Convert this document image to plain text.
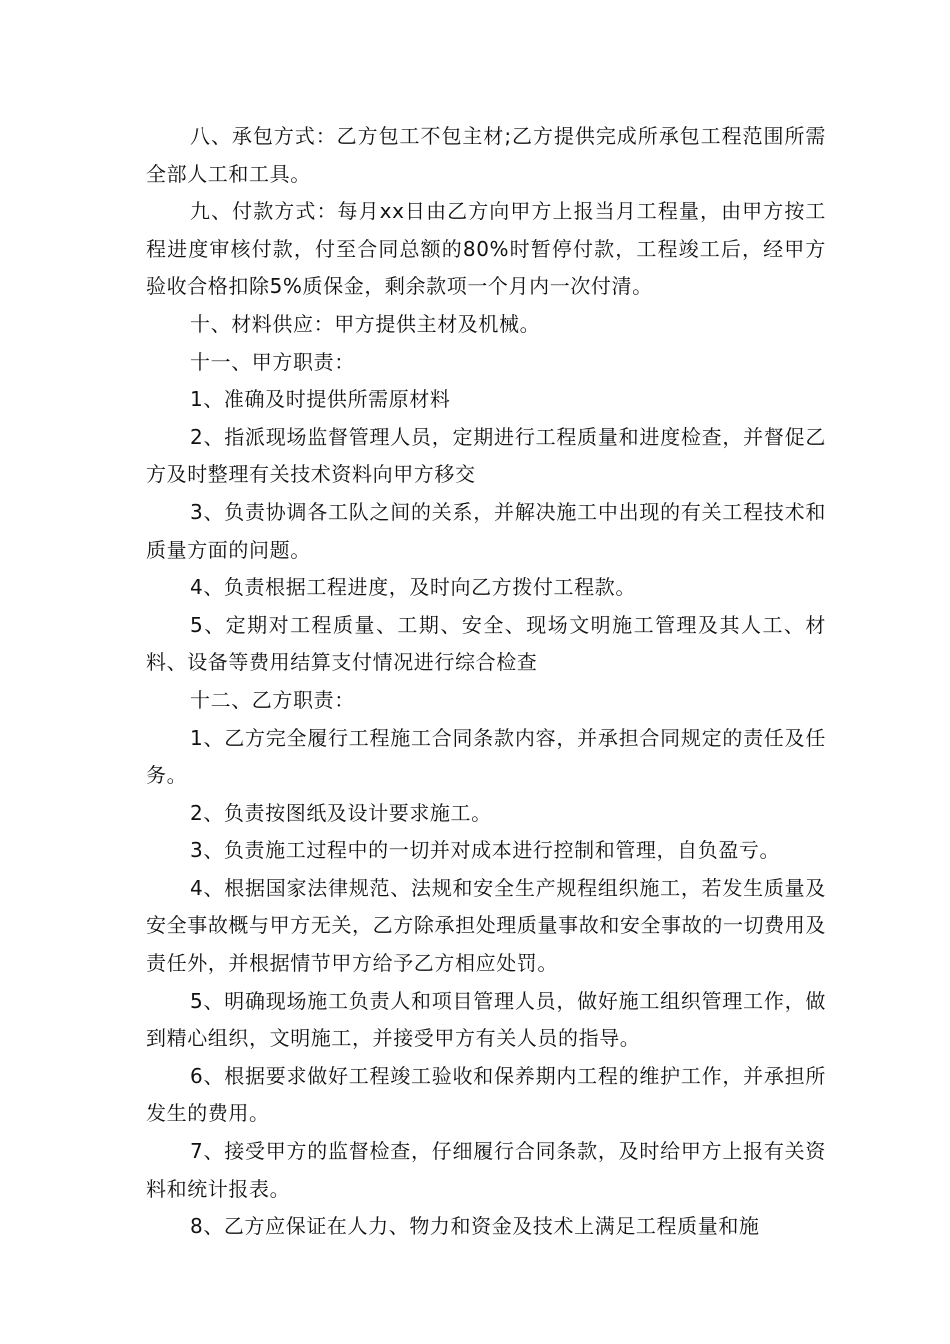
八、承包方式：乙方包工不包主材;乙方提供完成所承包工程范围所需全部人工和工具。

九、付款方式：每月xx日由乙方向甲方上报当月工程量，由甲方按工程进度审核付款，付至合同总额的80%时暂停付款，工程竣工后，经甲方验收合格扣除5%质保金，剩余款项一个月内一次付清。

十、材料供应：甲方提供主材及机械。

十一、甲方职责：

1、准确及时提供所需原材料

2、指派现场监督管理人员，定期进行工程质量和进度检查，并督促乙方及时整理有关技术资料向甲方移交

3、负责协调各工队之间的关系，并解决施工中出现的有关工程技术和质量方面的问题。

4、负责根据工程进度，及时向乙方拨付工程款。

5、定期对工程质量、工期、安全、现场文明施工管理及其人工、材料、设备等费用结算支付情况进行综合检查

十二、乙方职责：

1、乙方完全履行工程施工合同条款内容，并承担合同规定的责任及任务。

2、负责按图纸及设计要求施工。

3、负责施工过程中的一切并对成本进行控制和管理，自负盈亏。

4、根据国家法律规范、法规和安全生产规程组织施工，若发生质量及安全事故概与甲方无关，乙方除承担处理质量事故和安全事故的一切费用及责任外，并根据情节甲方给予乙方相应处罚。

5、明确现场施工负责人和项目管理人员，做好施工组织管理工作，做到精心组织，文明施工，并接受甲方有关人员的指导。

6、根据要求做好工程竣工验收和保养期内工程的维护工作，并承担所发生的费用。

7、接受甲方的监督检查，仔细履行合同条款，及时给甲方上报有关资料和统计报表。

8、乙方应保证在人力、物力和资金及技术上满足工程质量和施
